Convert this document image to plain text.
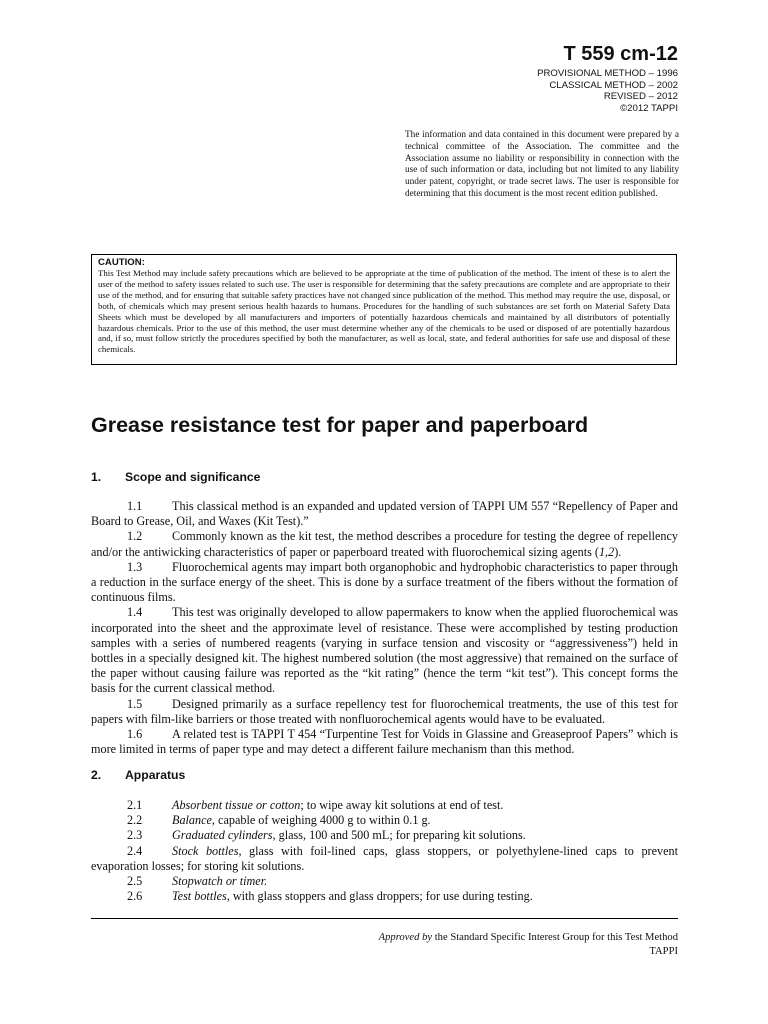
T 559 cm-12
PROVISIONAL METHOD – 1996
CLASSICAL METHOD – 2002
REVISED – 2012
©2012 TAPPI
The information and data contained in this document were prepared by a technical committee of the Association. The committee and the Association assume no liability or responsibility in connection with the use of such information or data, including but not limited to any liability under patent, copyright, or trade secret laws. The user is responsible for determining that this document is the most recent edition published.
CAUTION:
This Test Method may include safety precautions which are believed to be appropriate at the time of publication of the method. The intent of these is to alert the user of the method to safety issues related to such use. The user is responsible for determining that the safety precautions are complete and are appropriate to their use of the method, and for ensuring that suitable safety practices have not changed since publication of the method. This method may require the use, disposal, or both, of chemicals which may present serious health hazards to humans. Procedures for the handling of such substances are set forth on Material Safety Data Sheets which must be developed by all manufacturers and importers of potentially hazardous chemicals and maintained by all distributors of potentially hazardous chemicals. Prior to the use of this method, the user must determine whether any of the chemicals to be used or disposed of are potentially hazardous and, if so, must follow strictly the procedures specified by both the manufacturer, as well as local, state, and federal authorities for safe use and disposal of these chemicals.
Grease resistance test for paper and paperboard
1. Scope and significance

1.1 This classical method is an expanded and updated version of TAPPI UM 557 “Repellency of Paper and Board to Grease, Oil, and Waxes (Kit Test).”

1.2 Commonly known as the kit test, the method describes a procedure for testing the degree of repellency and/or the antiwicking characteristics of paper or paperboard treated with fluorochemical sizing agents (1,2).

1.3 Fluorochemical agents may impart both organophobic and hydrophobic characteristics to paper through a reduction in the surface energy of the sheet. This is done by a surface treatment of the fibers without the formation of continuous films.

1.4 This test was originally developed to allow papermakers to know when the applied fluorochemical was incorporated into the sheet and the approximate level of resistance. These were accomplished by testing production samples with a series of numbered reagents (varying in surface tension and viscosity or “aggressiveness”) held in bottles in a specially designed kit. The highest numbered solution (the most aggressive) that remained on the surface of the paper without causing failure was reported as the “kit rating” (hence the term “kit test”). This concept forms the basis for the current classical method.

1.5 Designed primarily as a surface repellency test for fluorochemical treatments, the use of this test for papers with film-like barriers or those treated with nonfluorochemical agents would have to be evaluated.

1.6 A related test is TAPPI T 454 “Turpentine Test for Voids in Glassine and Greaseproof Papers” which is more limited in terms of paper type and may detect a different failure mechanism than this method.

2. Apparatus

2.1 Absorbent tissue or cotton; to wipe away kit solutions at end of test.

2.2 Balance, capable of weighing 4000 g to within 0.1 g.

2.3 Graduated cylinders, glass, 100 and 500 mL; for preparing kit solutions.

2.4 Stock bottles, glass with foil-lined caps, glass stoppers, or polyethylene-lined caps to prevent evaporation losses; for storing kit solutions.

2.5 Stopwatch or timer.

2.6 Test bottles, with glass stoppers and glass droppers; for use during testing.

Approved by the Standard Specific Interest Group for this Test Method
TAPPI
